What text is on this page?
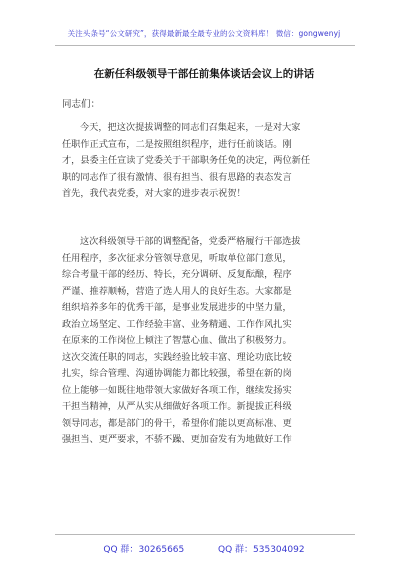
关注头条号“公文研究”，获得最新最全最专业的公文资料库！ 微信：gongwenyj
在新任科级领导干部任前集体谈话会议上的讲话
同志们：
今天，把这次提拔调整的同志们召集起来，一是对大家
任职作正式宣布，二是按照组织程序，进行任前谈话。刚
才，县委主任宣读了党委关于干部职务任免的决定，两位新任
职的同志作了很有激情、很有担当、很有思路的表态发言
首先，我代表党委，对大家的进步表示祝贺！
这次科级领导干部的调整配备，党委严格履行干部选拔
任用程序，多次征求分管领导意见，听取单位部门意见，
综合考量干部的经历、特长，充分调研、反复酝酿，程序
严谨、推荐顺畅，营造了选人用人的良好生态。大家都是
组织培养多年的优秀干部，是事业发展进步的中坚力量，
政治立场坚定、工作经验丰富、业务精通、工作作风扎实
在原来的工作岗位上倾注了智慧心血、做出了积极努力。
这次交流任职的同志，实践经验比较丰富、理论功底比较
扎实，综合管理、沟通协调能力都比较强，希望在新的岗
位上能够一如既往地带领大家做好各项工作，继续发扬实
干担当精神，从严从实从细做好各项工作。新提拔正科级
领导同志，都是部门的骨干，希望你们能以更高标准、更
强担当、更严要求，不骄不躁、更加奋发有为地做好工作
QQ 群：30265665	QQ 群：535304092
